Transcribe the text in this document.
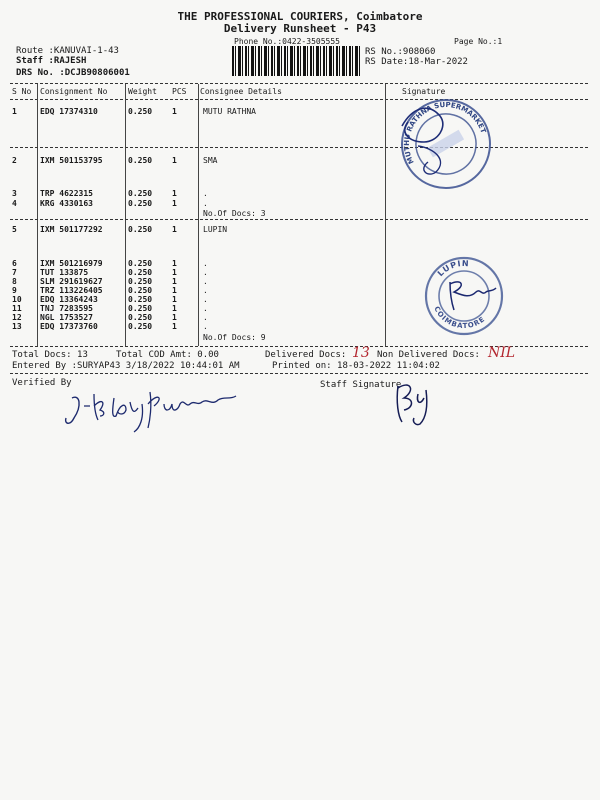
THE PROFESSIONAL COURIERS, Coimbatore
Delivery Runsheet - P43
Phone No.:0422-3505555	Page No.:1
Route :KANUVAI-1-43
Staff :RAJESH
DRS No. :DCJB90806001
RS No.:908060
RS Date:18-Mar-2022
S No Consignment No	Weight PCS Consignee Details	Signature
1	EDQ 17374310	0.250 1	MUTU RATHNA
2	IXM 501153795	0.250 1	SMA
3	TRP 4622315	0.250 1	.
4	KRG 4330163	0.250 1	.
No.Of Docs: 3
5	IXM 501177292	0.250 1	LUPIN
6	IXM 501216979	0.250 1	.
7	TUT 133875	0.250 1	.
8	SLM 291619627	0.250 1	.
9	TRZ 113226405	0.250 1	.
10 EDQ 13364243	0.250 1	.
11 TNJ 7283595	0.250 1	.
12 NGL 1753527	0.250 1	.
13 EDQ 17373760	0.250 1	.
No.Of Docs: 9
Total Docs: 13	Total COD Amt: 0.00	Delivered Docs: 13 Non Delivered Docs: NIL
Entered By :SURYAP43 3/18/2022 10:44:01 AM	Printed on: 18-03-2022 11:04:02
Verified By	Staff Signature
MUTHU RATHNA SUPERMARKET
LUPIN
COIMBATORE
